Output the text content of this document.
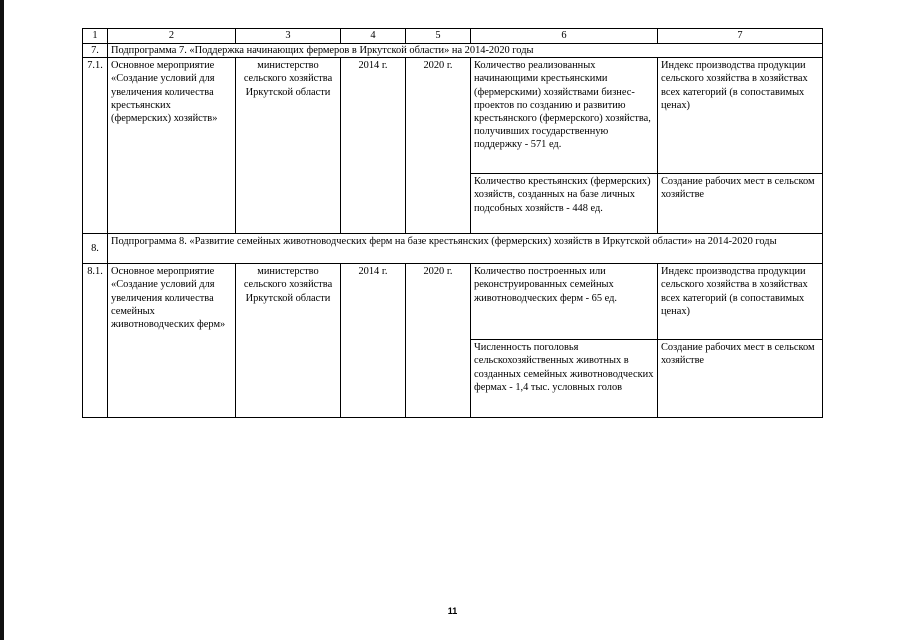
1	2	3	4	5	6	7
7.	Подпрограмма 7. «Поддержка начинающих фермеров в Иркутской области» на 2014-2020 годы					
7.1.	Основное мероприятие «Создание условий для увеличения количества крестьянских (фермерских) хозяйств»	министерство сельского хозяйства Иркутской области	2014 г.	2020 г.	Количество реализованных начинающими крестьянскими (фермерскими) хозяйствами бизнес-проектов по созданию и развитию крестьянского (фермерского) хозяйства, получивших государственную поддержку - 571 ед.	Индекс производства продукции сельского хозяйства в хозяйствах всех категорий (в сопоставимых ценах)
					Количество крестьянских (фермерских) хозяйств, созданных на базе личных подсобных хозяйств - 448 ед.	Создание рабочих мест в сельском хозяйстве
8.	Подпрограмма 8. «Развитие семейных животноводческих ферм на базе крестьянских (фермерских) хозяйств в Иркутской области» на 2014-2020 годы					
8.1.	Основное мероприятие «Создание условий для увеличения количества семейных животноводческих ферм»	министерство сельского хозяйства Иркутской области	2014 г.	2020 г.	Количество построенных или реконструированных семейных животноводческих ферм - 65 ед.	Индекс производства продукции сельского хозяйства в хозяйствах всех категорий (в сопоставимых ценах)
					Численность поголовья сельскохозяйственных животных в созданных семейных животноводческих фермах - 1,4 тыс. условных голов	Создание рабочих мест в сельском хозяйстве
11
